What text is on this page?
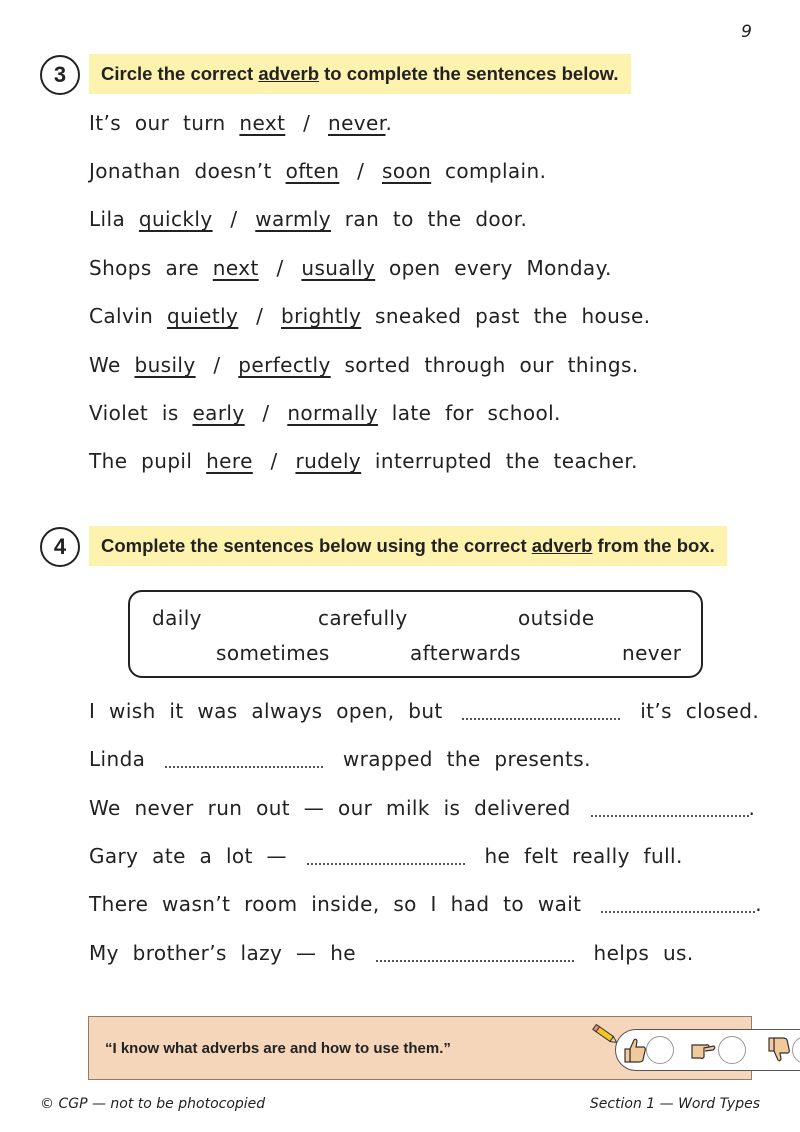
9
3	Circle the correct adverb to complete the sentences below.
It’s our turn next / never.
Jonathan doesn’t often / soon complain.
Lila quickly / warmly ran to the door.
Shops are next / usually open every Monday.
Calvin quietly / brightly sneaked past the house.
We busily / perfectly sorted through our things.
Violet is early / normally late for school.
The pupil here / rudely interrupted the teacher.
4	Complete the sentences below using the correct adverb from the box.
daily	carefully	outside
sometimes	afterwards	never
I wish it was always open, but	it’s closed.
Linda	wrapped the presents.
We never run out — our milk is delivered	.
Gary ate a lot —	he felt really full.
There wasn’t room inside, so I had to wait	.
My brother’s lazy — he	helps us.
“I know what adverbs are and how to use them.”
© CGP — not to be photocopied	Section 1 — Word Types
